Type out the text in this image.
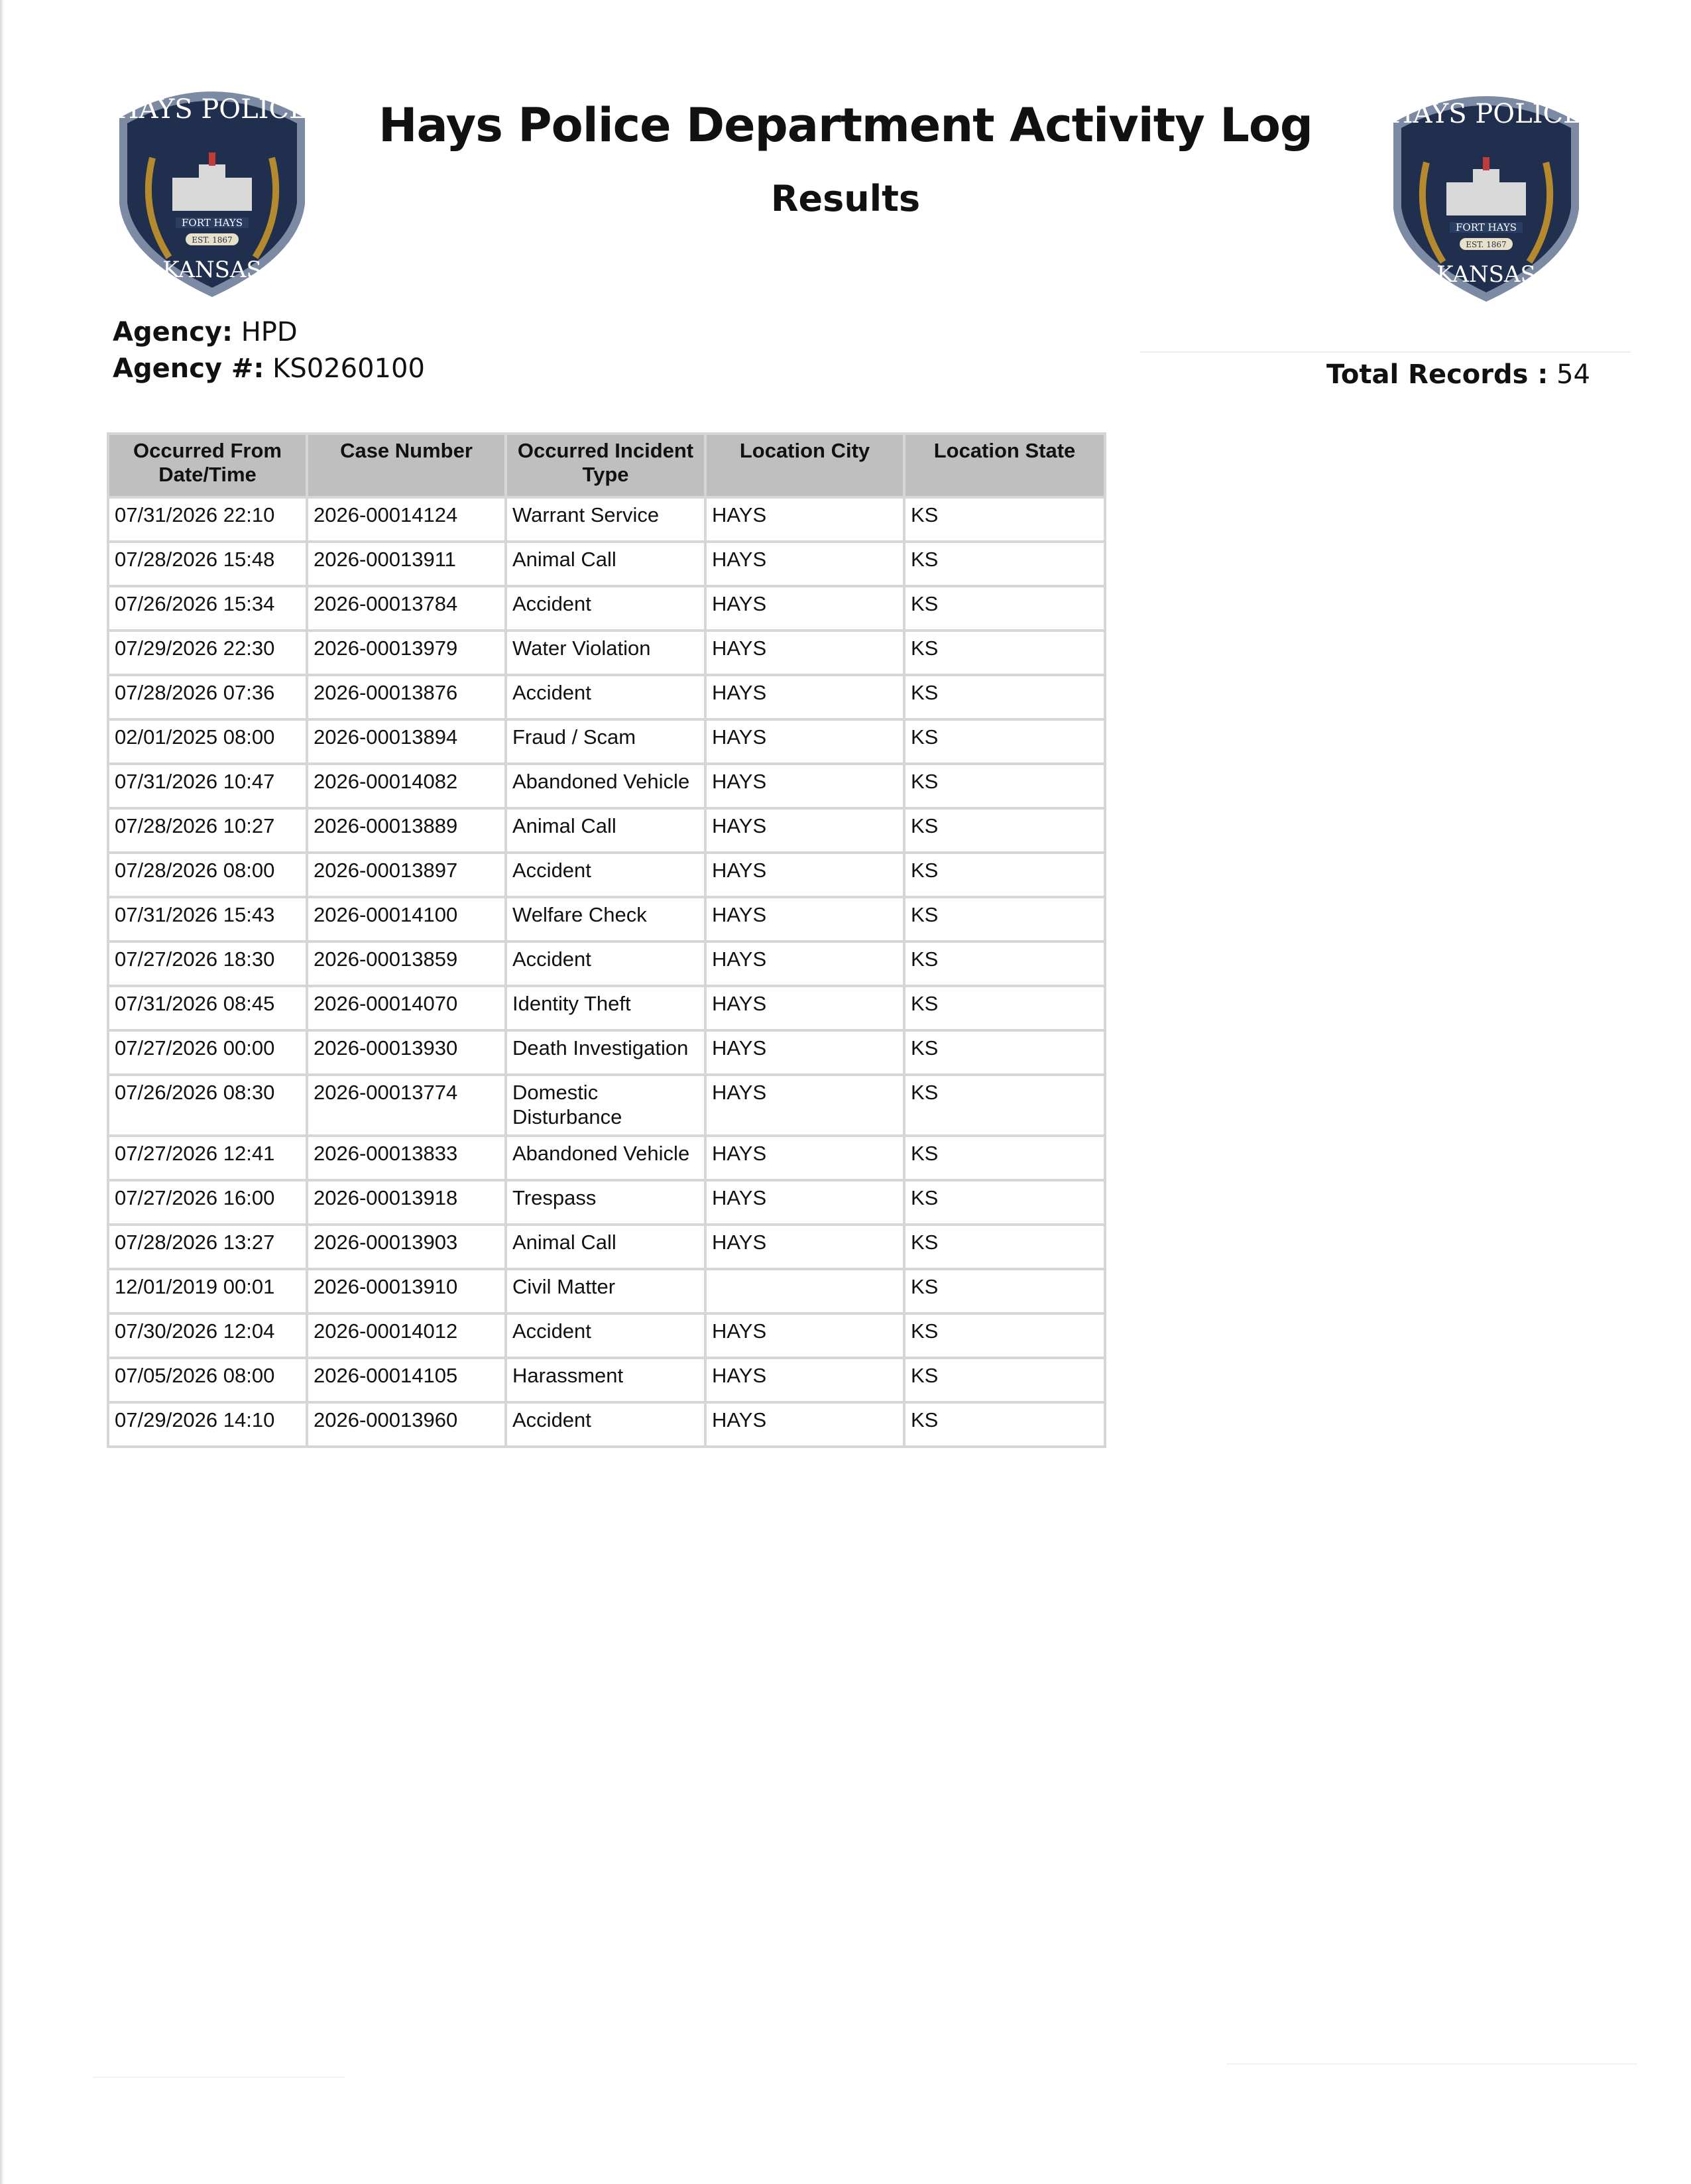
HAYS POLICE
FORT HAYS
EST. 1867
KANSAS
HAYS POLICE
FORT HAYS
EST. 1867
KANSAS
Hays Police Department Activity Log
Results
Agency: HPD
Agency #: KS0260100	Total Records : 54
Occurred From Date/Time	Case Number	Occurred Incident Type	Location City	Location State
07/31/2026 22:10	2026-00014124	Warrant Service	HAYS	KS
07/28/2026 15:48	2026-00013911	Animal Call	HAYS	KS
07/26/2026 15:34	2026-00013784	Accident	HAYS	KS
07/29/2026 22:30	2026-00013979	Water Violation	HAYS	KS
07/28/2026 07:36	2026-00013876	Accident	HAYS	KS
02/01/2025 08:00	2026-00013894	Fraud / Scam	HAYS	KS
07/31/2026 10:47	2026-00014082	Abandoned Vehicle	HAYS	KS
07/28/2026 10:27	2026-00013889	Animal Call	HAYS	KS
07/28/2026 08:00	2026-00013897	Accident	HAYS	KS
07/31/2026 15:43	2026-00014100	Welfare Check	HAYS	KS
07/27/2026 18:30	2026-00013859	Accident	HAYS	KS
07/31/2026 08:45	2026-00014070	Identity Theft	HAYS	KS
07/27/2026 00:00	2026-00013930	Death Investigation	HAYS	KS
07/26/2026 08:30	2026-00013774	Domestic Disturbance	HAYS	KS
07/27/2026 12:41	2026-00013833	Abandoned Vehicle	HAYS	KS
07/27/2026 16:00	2026-00013918	Trespass	HAYS	KS
07/28/2026 13:27	2026-00013903	Animal Call	HAYS	KS
12/01/2019 00:01	2026-00013910	Civil Matter		KS
07/30/2026 12:04	2026-00014012	Accident	HAYS	KS
07/05/2026 08:00	2026-00014105	Harassment	HAYS	KS
07/29/2026 14:10	2026-00013960	Accident	HAYS	KS
